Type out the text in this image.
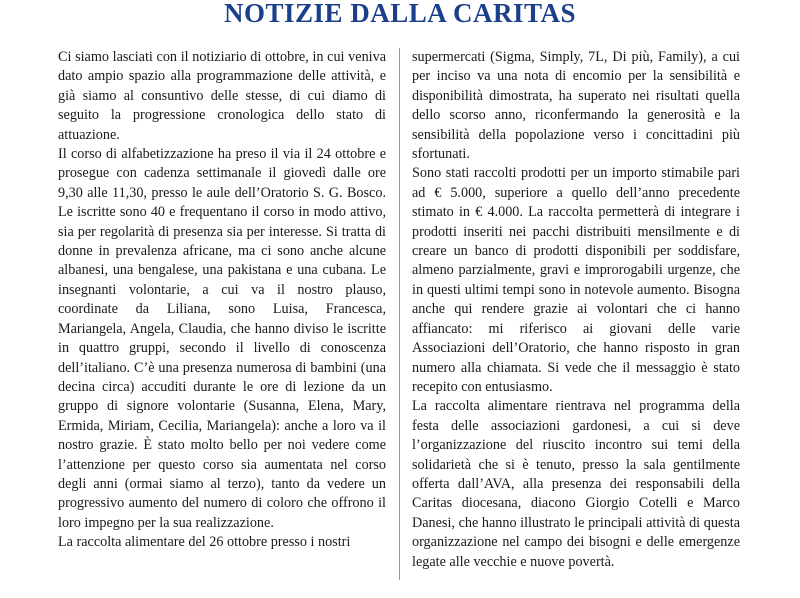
NOTIZIE DALLA CARITAS

Ci siamo lasciati con il notiziario di ottobre, in cui veniva dato ampio spazio alla programmazione delle attività, e già siamo al consuntivo delle stesse, di cui diamo di seguito la progressione cronologica dello stato di attuazione.

Il corso di alfabetizzazione ha preso il via il 24 ottobre e prosegue con cadenza settimanale il giovedì dalle ore 9,30 alle 11,30, presso le aule dell’Oratorio S. G. Bosco. Le iscritte sono 40 e frequentano il corso in modo attivo, sia per regolarità di presenza sia per interesse. Si tratta di donne in prevalenza africane, ma ci sono anche alcune albanesi, una bengalese, una pakistana e una cubana. Le insegnanti volontarie, a cui va il nostro plauso, coordinate da Liliana, sono Luisa, Francesca, Mariangela, Angela, Claudia, che hanno diviso le iscritte in quattro gruppi, secondo il livello di conoscenza dell’italiano. C’è una presenza numerosa di bambini (una decina circa) accuditi durante le ore di lezione da un gruppo di signore volontarie (Susanna, Elena, Mary, Ermida, Miriam, Cecilia, Mariangela): anche a loro va il nostro grazie. È stato molto bello per noi vedere come l’attenzione per questo corso sia aumentata nel corso degli anni (ormai siamo al terzo), tanto da vedere un progressivo aumento del numero di coloro che offrono il loro impegno per la sua realizzazione.

La raccolta alimentare del 26 ottobre presso i nostri

supermercati (Sigma, Simply, 7L, Di più, Family), a cui per inciso va una nota di encomio per la sensibilità e disponibilità dimostrata, ha superato nei risultati quella dello scorso anno, riconfermando la generosità e la sensibilità della popolazione verso i concittadini più sfortunati.

Sono stati raccolti prodotti per un importo stimabile pari ad € 5.000, superiore a quello dell’anno precedente stimato in € 4.000. La raccolta permetterà di integrare i prodotti inseriti nei pacchi distribuiti mensilmente e di creare un banco di prodotti disponibili per soddisfare, almeno parzialmente, gravi e improrogabili urgenze, che in questi ultimi tempi sono in notevole aumento. Bisogna anche qui rendere grazie ai volontari che ci hanno affiancato: mi riferisco ai giovani delle varie Associazioni dell’Oratorio, che hanno risposto in gran numero alla chiamata. Si vede che il messaggio è stato recepito con entusiasmo.

La raccolta alimentare rientrava nel programma della festa delle associazioni gardonesi, a cui si deve l’organizzazione del riuscito incontro sui temi della solidarietà che si è tenuto, presso la sala gentilmente offerta dall’AVA, alla presenza dei responsabili della Caritas diocesana, diacono Giorgio Cotelli e Marco Danesi, che hanno illustrato le principali attività di questa organizzazione nel campo dei bisogni e delle emergenze legate alle vecchie e nuove povertà.
